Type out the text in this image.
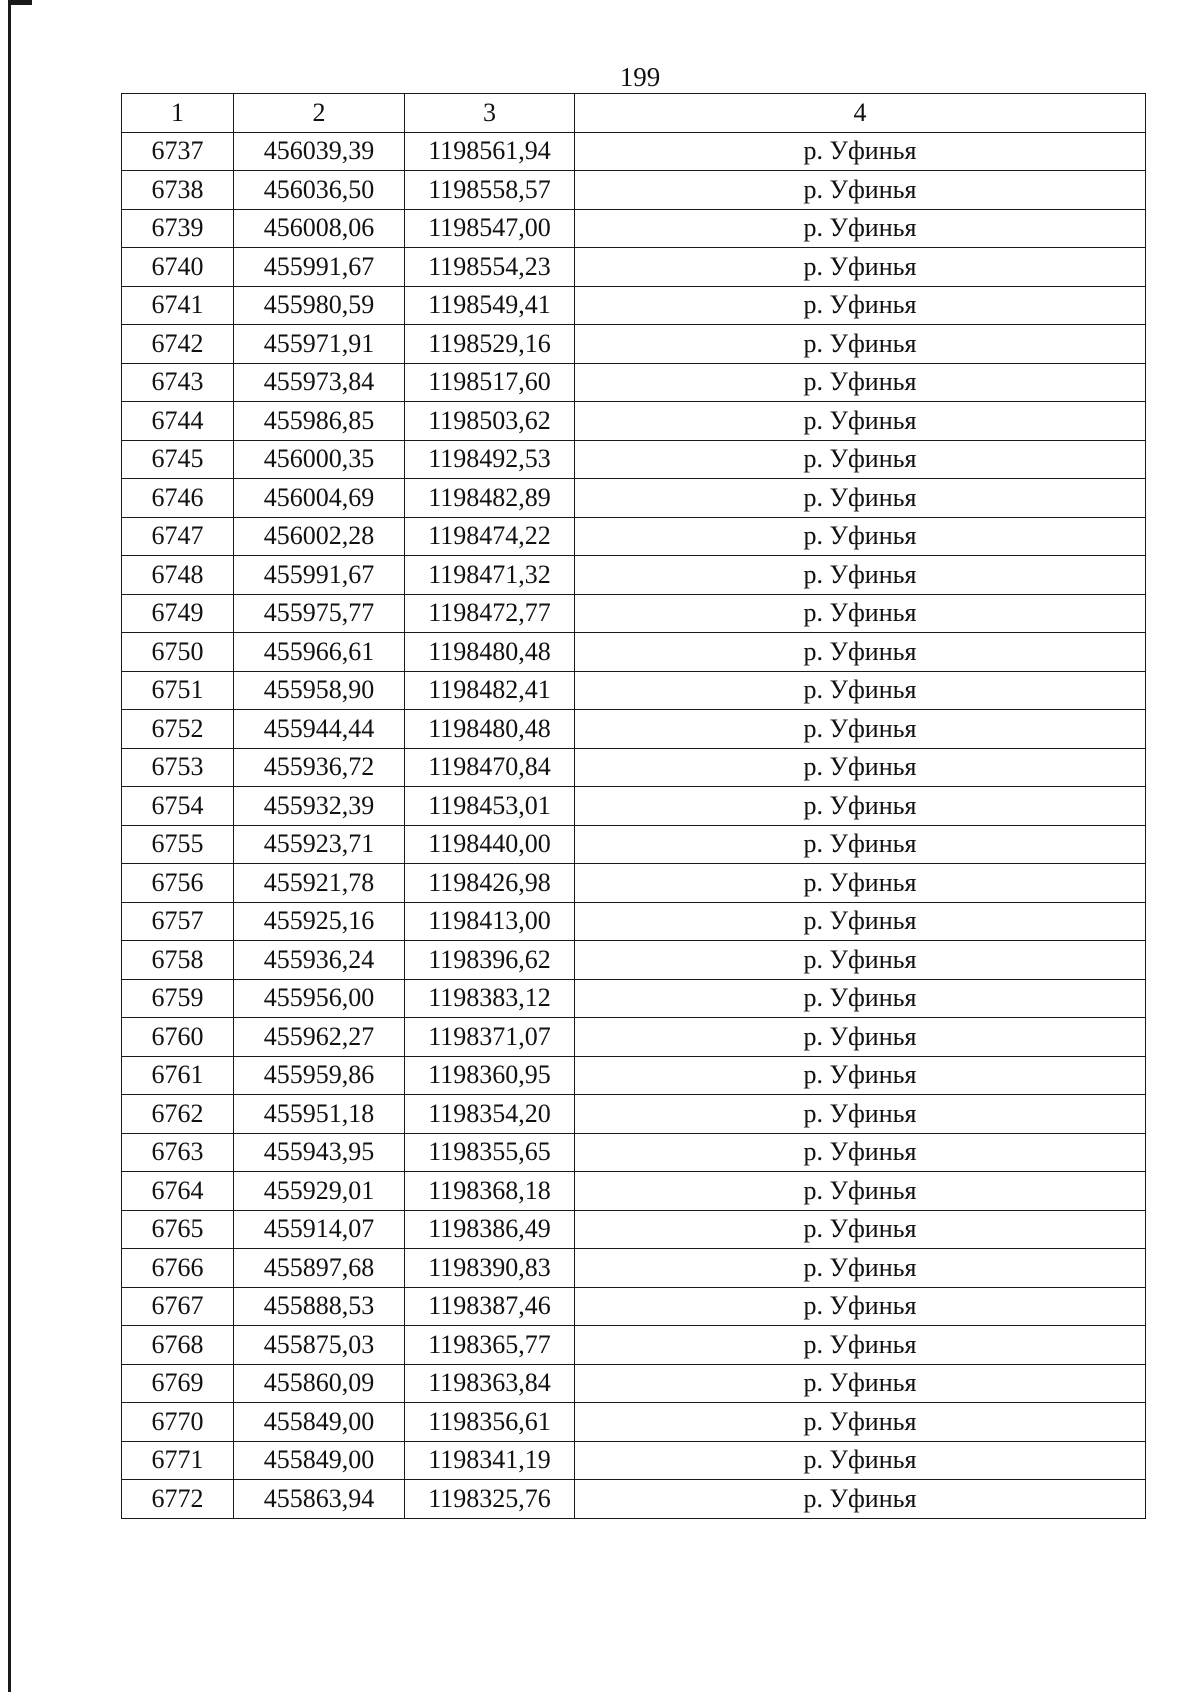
199
1	2	3	4
6737	456039,39	1198561,94	р. Уфинья
6738	456036,50	1198558,57	р. Уфинья
6739	456008,06	1198547,00	р. Уфинья
6740	455991,67	1198554,23	р. Уфинья
6741	455980,59	1198549,41	р. Уфинья
6742	455971,91	1198529,16	р. Уфинья
6743	455973,84	1198517,60	р. Уфинья
6744	455986,85	1198503,62	р. Уфинья
6745	456000,35	1198492,53	р. Уфинья
6746	456004,69	1198482,89	р. Уфинья
6747	456002,28	1198474,22	р. Уфинья
6748	455991,67	1198471,32	р. Уфинья
6749	455975,77	1198472,77	р. Уфинья
6750	455966,61	1198480,48	р. Уфинья
6751	455958,90	1198482,41	р. Уфинья
6752	455944,44	1198480,48	р. Уфинья
6753	455936,72	1198470,84	р. Уфинья
6754	455932,39	1198453,01	р. Уфинья
6755	455923,71	1198440,00	р. Уфинья
6756	455921,78	1198426,98	р. Уфинья
6757	455925,16	1198413,00	р. Уфинья
6758	455936,24	1198396,62	р. Уфинья
6759	455956,00	1198383,12	р. Уфинья
6760	455962,27	1198371,07	р. Уфинья
6761	455959,86	1198360,95	р. Уфинья
6762	455951,18	1198354,20	р. Уфинья
6763	455943,95	1198355,65	р. Уфинья
6764	455929,01	1198368,18	р. Уфинья
6765	455914,07	1198386,49	р. Уфинья
6766	455897,68	1198390,83	р. Уфинья
6767	455888,53	1198387,46	р. Уфинья
6768	455875,03	1198365,77	р. Уфинья
6769	455860,09	1198363,84	р. Уфинья
6770	455849,00	1198356,61	р. Уфинья
6771	455849,00	1198341,19	р. Уфинья
6772	455863,94	1198325,76	р. Уфинья
